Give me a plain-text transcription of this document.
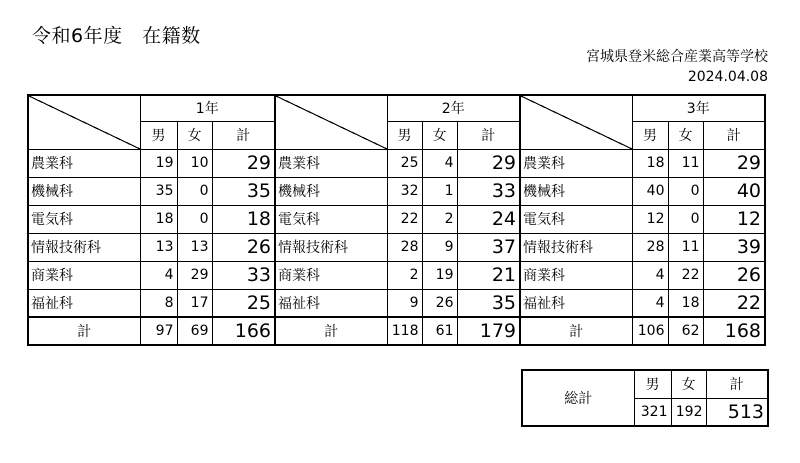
令和6年度　在籍数
宮城県登米総合産業高等学校
2024.04.08
	1年				2年				3年		
	男	女	計		男	女	計		男	女	計
農業科	19	10	29	農業科	25	4	29	農業科	18	11	29
機械科	35	0	35	機械科	32	1	33	機械科	40	0	40
電気科	18	0	18	電気科	22	2	24	電気科	12	0	12
情報技術科	13	13	26	情報技術科	28	9	37	情報技術科	28	11	39
商業科	4	29	33	商業科	2	19	21	商業科	4	22	26
福祉科	8	17	25	福祉科	9	26	35	福祉科	4	18	22
計	97	69	166	計	118	61	179	計	106	62	168
総計	男	女	計
	321	192	513
